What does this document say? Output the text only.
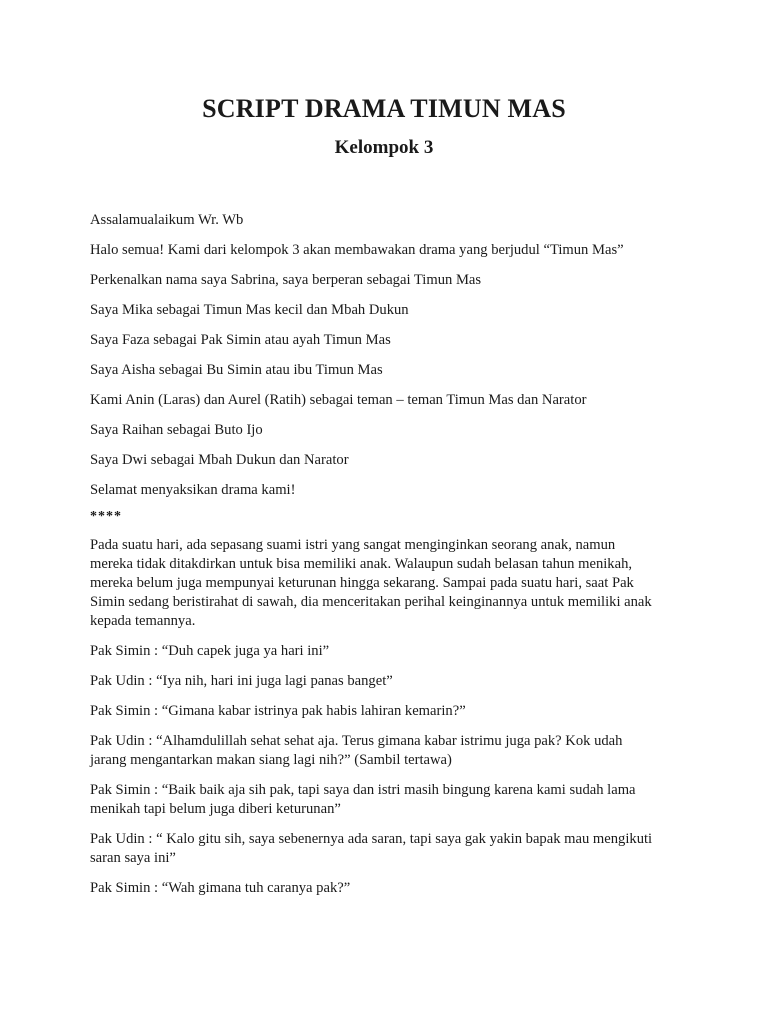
SCRIPT DRAMA TIMUN MAS
Kelompok 3
Assalamualaikum Wr. Wb
Halo semua! Kami dari kelompok 3 akan membawakan drama yang berjudul “Timun Mas”
Perkenalkan nama saya Sabrina, saya berperan sebagai Timun Mas
Saya Mika sebagai Timun Mas kecil dan Mbah Dukun
Saya Faza sebagai Pak Simin atau ayah Timun Mas
Saya Aisha sebagai Bu Simin atau ibu Timun Mas
Kami Anin (Laras) dan Aurel (Ratih) sebagai teman – teman Timun Mas dan Narator
Saya Raihan sebagai Buto Ijo
Saya Dwi sebagai Mbah Dukun dan Narator
Selamat menyaksikan drama kami!
****
Pada suatu hari, ada sepasang suami istri yang sangat menginginkan seorang anak, namun
mereka tidak ditakdirkan untuk bisa memiliki anak. Walaupun sudah belasan tahun menikah,
mereka belum juga mempunyai keturunan hingga sekarang. Sampai pada suatu hari, saat Pak
Simin sedang beristirahat di sawah, dia menceritakan perihal keinginannya untuk memiliki anak
kepada temannya.
Pak Simin : “Duh capek juga ya hari ini”
Pak Udin : “Iya nih, hari ini juga lagi panas banget”
Pak Simin : “Gimana kabar istrinya pak habis lahiran kemarin?”
Pak Udin : “Alhamdulillah sehat sehat aja. Terus gimana kabar istrimu juga pak? Kok udah
jarang mengantarkan makan siang lagi nih?” (Sambil tertawa)
Pak Simin : “Baik baik aja sih pak, tapi saya dan istri masih bingung karena kami sudah lama
menikah tapi belum juga diberi keturunan”
Pak Udin : “ Kalo gitu sih, saya sebenernya ada saran, tapi saya gak yakin bapak mau mengikuti
saran saya ini”
Pak Simin : “Wah gimana tuh caranya pak?”
